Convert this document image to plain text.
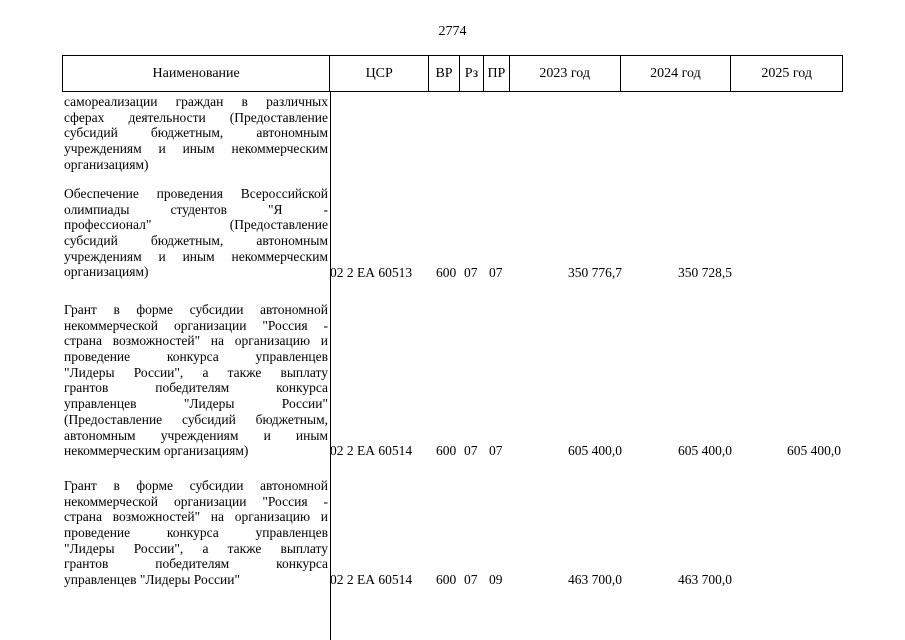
2774
Наименование	ЦСР	ВР Рз ПР	2023 год	2024 год	2025 год
самореализации граждан в различных
сферах деятельности (Предоставление
субсидий бюджетным, автономным
учреждениям и иным некоммерческим
организациям)
Обеспечение проведения Всероссийской
олимпиады студентов "Я -
профессионал" (Предоставление
субсидий бюджетным, автономным
учреждениям и иным некоммерческим
организациям)	02 2 ЕА 60513 600 07 07	350 776,7	350 728,5
Грант в форме субсидии автономной
некоммерческой организации "Россия -
страна возможностей" на организацию и
проведение конкурса управленцев
"Лидеры России", а также выплату
грантов победителям конкурса
управленцев "Лидеры России"
(Предоставление субсидий бюджетным,
автономным учреждениям и иным
некоммерческим организациям)	02 2 ЕА 60514 600 07 07	605 400,0	605 400,0	605 400,0
Грант в форме субсидии автономной
некоммерческой организации "Россия -
страна возможностей" на организацию и
проведение конкурса управленцев
"Лидеры России", а также выплату
грантов победителям конкурса
управленцев "Лидеры России"	02 2 ЕА 60514 600 07 09	463 700,0	463 700,0
